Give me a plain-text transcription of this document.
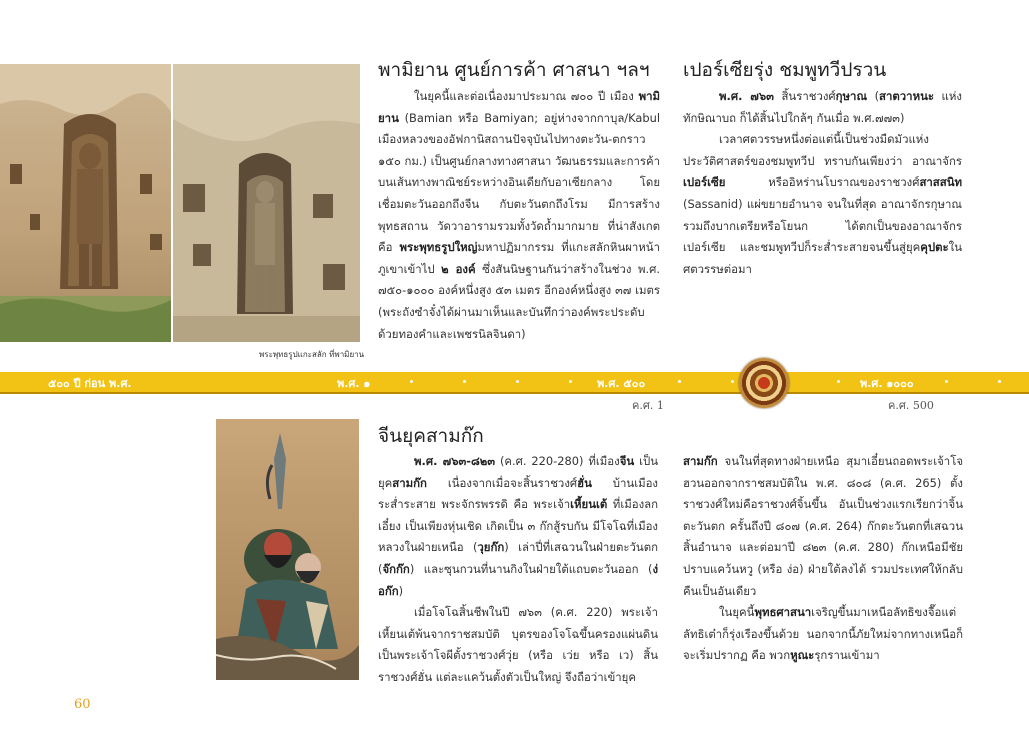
พระพุทธรูปแกะสลัก ที่พามิยาน
พามิยาน ศูนย์การค้า ศาสนา ฯลฯ

ในยุคนี้และต่อเนื่องมาประมาณ ๗๐๐ ปี เมือง พามิยาน (Bamian หรือ Bamiyan; อยู่ห่างจากกาบุล/Kabul เมืองหลวงของอัฟกานิสถานปัจจุบันไปทางตะวัน-ตกราว ๑๕๐ กม.) เป็นศูนย์กลางทางศาสนา วัฒนธรรมและการค้า บนเส้นทางพาณิชย์ระหว่างอินเดียกับอาเซียกลาง โดยเชื่อมตะวันออกถึงจีน กับตะวันตกถึงโรม มีการสร้างพุทธสถาน วัดวาอารามรวมทั้งวัดถ้ำมากมาย ที่น่าสังเกตคือ พระพุทธรูปใหญ่มหาปฏิมากรรม ที่แกะสลักหินผาหน้าภูเขาเข้าไป ๒ องค์ ซึ่งสันนิษฐานกันว่าสร้างในช่วง พ.ศ. ๗๕๐-๑๐๐๐ องค์หนึ่งสูง ๕๓ เมตร อีกองค์หนึ่งสูง ๓๗ เมตร (พระถังซำจั๋งได้ผ่านมาเห็นและบันทึกว่าองค์พระประดับด้วยทองคำและเพชรนิลจินดา)

เปอร์เซียรุ่ง ชมพูทวีปรวน

พ.ศ. ๗๖๓ สิ้นราชวงศ์กุษาณ (สาตวาหนะ แห่งทักษิณาบถ ก็ได้สิ้นไปใกล้ๆ กันเมื่อ พ.ศ.๗๗๓)

เวลาศตวรรษหนึ่งต่อแต่นี้เป็นช่วงมืดมัวแห่งประวัติศาสตร์ของชมพูทวีป ทราบกันเพียงว่า อาณาจักรเปอร์เซีย หรืออิหร่านโบราณของราชวงศ์สาสสนิท (Sassanid) แผ่ขยายอำนาจ จนในที่สุด อาณาจักรกุษาณรวมถึงบากเตรียหรือโยนก ได้ตกเป็นของอาณาจักรเปอร์เซีย และชมพูทวีปก็ระส่ำระสายจนขึ้นสู่ยุคคุปตะในศตวรรษต่อมา

๕๐๐ ปี ก่อน พ.ศ.	พ.ศ. ๑	พ.ศ. ๕๐๐	พ.ศ. ๑๐๐๐
ค.ศ. 1	ค.ศ. 500
จีนยุคสามก๊ก

พ.ศ. ๗๖๓-๘๒๓ (ค.ศ. 220-280) ที่เมืองจีน เป็นยุคสามก๊ก เนื่องจากเมื่อจะสิ้นราชวงศ์ฮั่น บ้านเมืองระส่ำระสาย พระจักรพรรดิ คือ พระเจ้าเหี้ยนเต้ ที่เมืองลกเอี๋ยง เป็นเพียงหุ่นเชิด เกิดเป็น ๓ ก๊กสู้รบกัน มีโจโฉที่เมืองหลวงในฝ่ายเหนือ (วุยก๊ก) เล่าปี่ที่เสฉวนในฝ่ายตะวันตก (จ๊กก๊ก) และซุนกวนที่นานกิงในฝ่ายใต้แถบตะวันออก (ง่อก๊ก)

เมื่อโจโฉสิ้นชีพในปี ๗๖๓ (ค.ศ. 220) พระเจ้าเหี้ยนเต้พ้นจากราชสมบัติ บุตรของโจโฉขึ้นครองแผ่นดินเป็นพระเจ้าโจผีตั้งราชวงศ์วุ่ย (หรือ เว่ย หรือ เว) สิ้นราชวงศ์ฮั่น แต่ละแคว้นตั้งตัวเป็นใหญ่ จึงถือว่าเข้ายุค

สามก๊ก จนในที่สุดทางฝ่ายเหนือ สุมาเอี๋ยนถอดพระเจ้าโจฮวนออกจากราชสมบัติใน พ.ศ. ๘๐๘ (ค.ศ. 265) ตั้งราชวงศ์ใหม่คือราชวงศ์จิ้นขึ้น อันเป็นช่วงแรกเรียกว่าจิ้นตะวันตก ครั้นถึงปี ๘๐๗ (ค.ศ. 264) ก๊กตะวันตกที่เสฉวนสิ้นอำนาจ และต่อมาปี ๘๒๓ (ค.ศ. 280) ก๊กเหนือมีชัยปราบแคว้นหวู (หรือ ง่อ) ฝ่ายใต้ลงได้ รวมประเทศให้กลับคืนเป็นอันเดียว

ในยุคนี้พุทธศาสนาเจริญขึ้นมาเหนือลัทธิขงจื๊อแต่ลัทธิเต๋าก็รุ่งเรืองขึ้นด้วย นอกจากนี้ภัยใหม่จากทางเหนือก็จะเริ่มปรากฏ คือ พวกหูณะรุกรานเข้ามา

60
